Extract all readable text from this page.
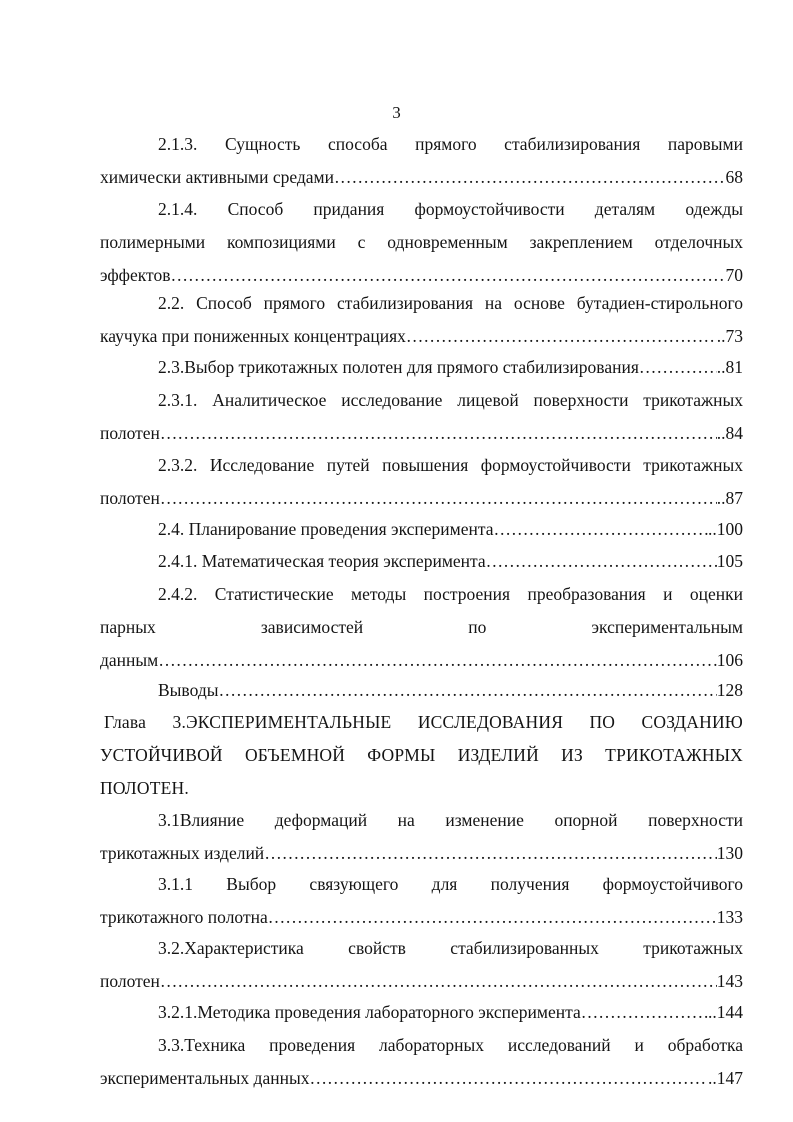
3
2.1.3. Сущность способа прямого стабилизирования паровыми
химически активными средами …………………………………………………………………………………………………………………………………………………………………………………………………	68
2.1.4. Способ придания формоустойчивости деталям одежды
полимерными композициями с одновременным закреплением отделочных
эффектов …………………………………………………………………………………………………………………………………………………………………………………………………	70
2.2. Способ прямого стабилизирования на основе бутадиен-стирольного
каучука при пониженных концентрациях …………………………………………………………………………………………………………………………………………………………………………………………………	..73
2.3.Выбор трикотажных полотен для прямого стабилизирования …………………………………………………………………………………………………………………………………………………………………………………………………	..81
2.3.1. Аналитическое исследование лицевой поверхности трикотажных
полотен …………………………………………………………………………………………………………………………………………………………………………………………………	..84
2.3.2. Исследование путей повышения формоустойчивости трикотажных
полотен …………………………………………………………………………………………………………………………………………………………………………………………………	..87
2.4. Планирование проведения эксперимента …………………………………………………………………………………………………………………………………………………………………………………………………	..100
2.4.1. Математическая теория эксперимента …………………………………………………………………………………………………………………………………………………………………………………………………	105
2.4.2. Статистические методы построения преобразования и оценки
парных зависимостей по экспериментальным
данным …………………………………………………………………………………………………………………………………………………………………………………………………	106
Выводы …………………………………………………………………………………………………………………………………………………………………………………………………	128
Глава 3.ЭКСПЕРИМЕНТАЛЬНЫЕ ИССЛЕДОВАНИЯ ПО СОЗДАНИЮ
УСТОЙЧИВОЙ ОБЪЕМНОЙ ФОРМЫ ИЗДЕЛИЙ ИЗ ТРИКОТАЖНЫХ
ПОЛОТЕН.
3.1Влияние деформаций на изменение опорной поверхности
трикотажных изделий …………………………………………………………………………………………………………………………………………………………………………………………………	130
3.1.1 Выбор связующего для получения формоустойчивого
трикотажного полотна …………………………………………………………………………………………………………………………………………………………………………………………………	133
3.2.Характеристика свойств стабилизированных трикотажных
полотен …………………………………………………………………………………………………………………………………………………………………………………………………	143
3.2.1.Методика проведения лабораторного эксперимента …………………………………………………………………………………………………………………………………………………………………………………………………	..144
3.3.Техника проведения лабораторных исследований и обработка
экспериментальных данных …………………………………………………………………………………………………………………………………………………………………………………………………	..147
